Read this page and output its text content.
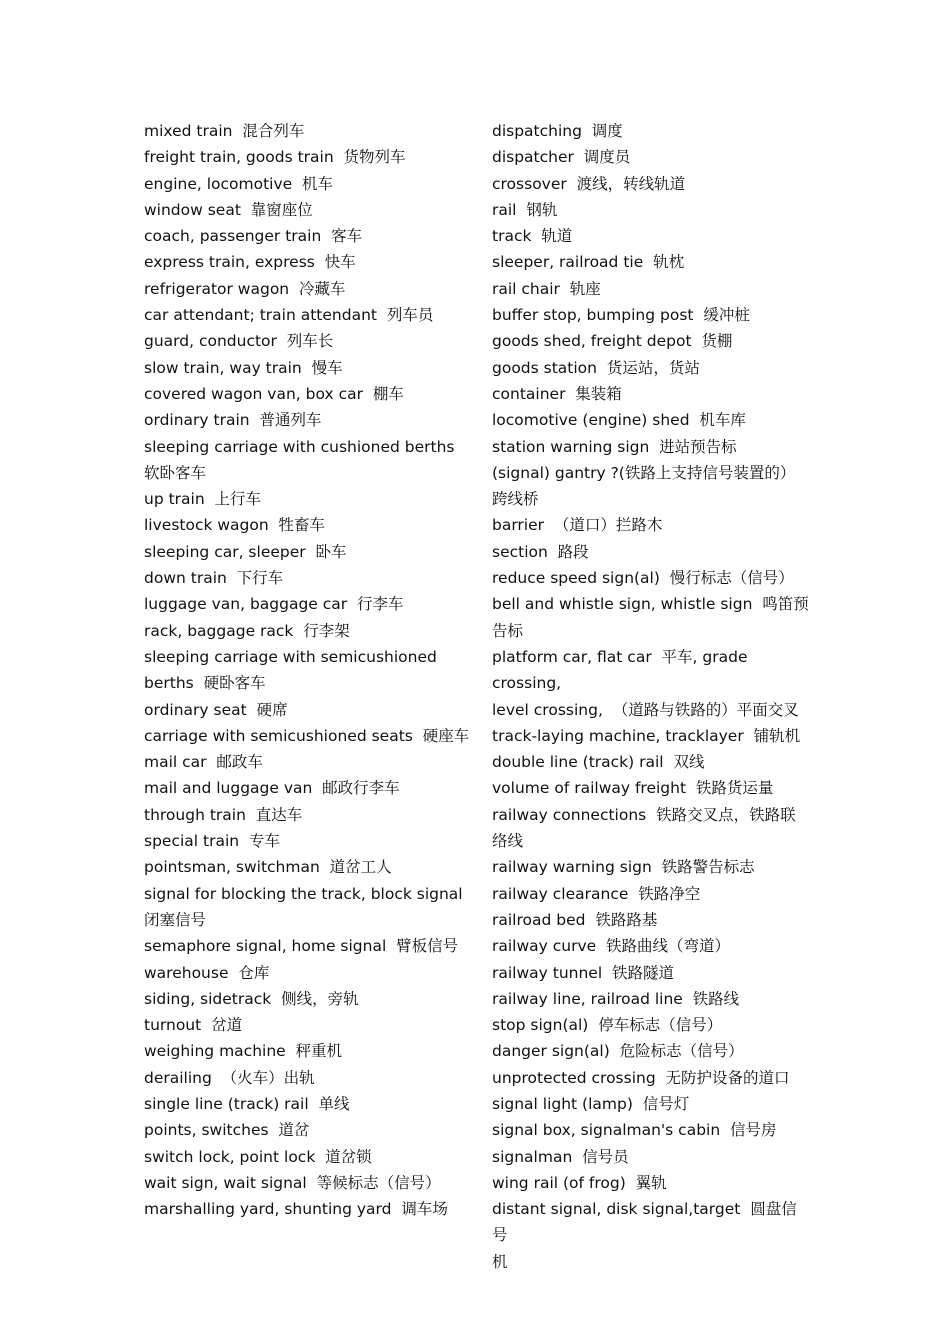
mixed train  混合列车
freight train, goods train  货物列车
engine, locomotive  机车
window seat  靠窗座位
coach, passenger train  客车
express train, express  快车
refrigerator wagon  冷藏车
car attendant; train attendant  列车员
guard, conductor  列车长
slow train, way train  慢车
covered wagon van, box car  棚车
ordinary train  普通列车
sleeping carriage with cushioned berths
软卧客车
up train  上行车
livestock wagon  牲畜车
sleeping car, sleeper  卧车
down train  下行车
luggage van, baggage car  行李车
rack, baggage rack  行李架
sleeping carriage with semicushioned
berths  硬卧客车
ordinary seat  硬席
carriage with semicushioned seats  硬座车
mail car  邮政车
mail and luggage van  邮政行李车
through train  直达车
special train  专车
pointsman, switchman  道岔工人
signal for blocking the track, block signal
闭塞信号
semaphore signal, home signal  臂板信号
warehouse  仓库
siding, sidetrack  侧线，旁轨
turnout  岔道
weighing machine  秤重机
derailing  （火车）出轨
single line (track) rail  单线
points, switches  道岔
switch lock, point lock  道岔锁
wait sign, wait signal  等候标志（信号）
marshalling yard, shunting yard  调车场
dispatching  调度
dispatcher  调度员
crossover  渡线，转线轨道
rail  钢轨
track  轨道
sleeper, railroad tie  轨枕
rail chair  轨座
buffer stop, bumping post  缓冲桩
goods shed, freight depot  货棚
goods station  货运站，货站
container  集装箱
locomotive (engine) shed  机车库
station warning sign  进站预告标
(signal) gantry ?(铁路上支持信号装置的）
跨线桥
barrier  （道口）拦路木
section  路段
reduce speed sign(al)  慢行标志（信号）
bell and whistle sign, whistle sign  鸣笛预
告标
platform car, flat car  平车, grade crossing,
level crossing,  （道路与铁路的）平面交叉
track-laying machine, tracklayer  铺轨机
double line (track) rail  双线
volume of railway freight  铁路货运量
railway connections  铁路交叉点，铁路联
络线
railway warning sign  铁路警告标志
railway clearance  铁路净空
railroad bed  铁路路基
railway curve  铁路曲线（弯道）
railway tunnel  铁路隧道
railway line, railroad line  铁路线
stop sign(al)  停车标志（信号）
danger sign(al)  危险标志（信号）
unprotected crossing  无防护设备的道口
signal light (lamp)  信号灯
signal box, signalman's cabin  信号房
signalman  信号员
wing rail (of frog)  翼轨
distant signal, disk signal,target  圆盘信号
机
